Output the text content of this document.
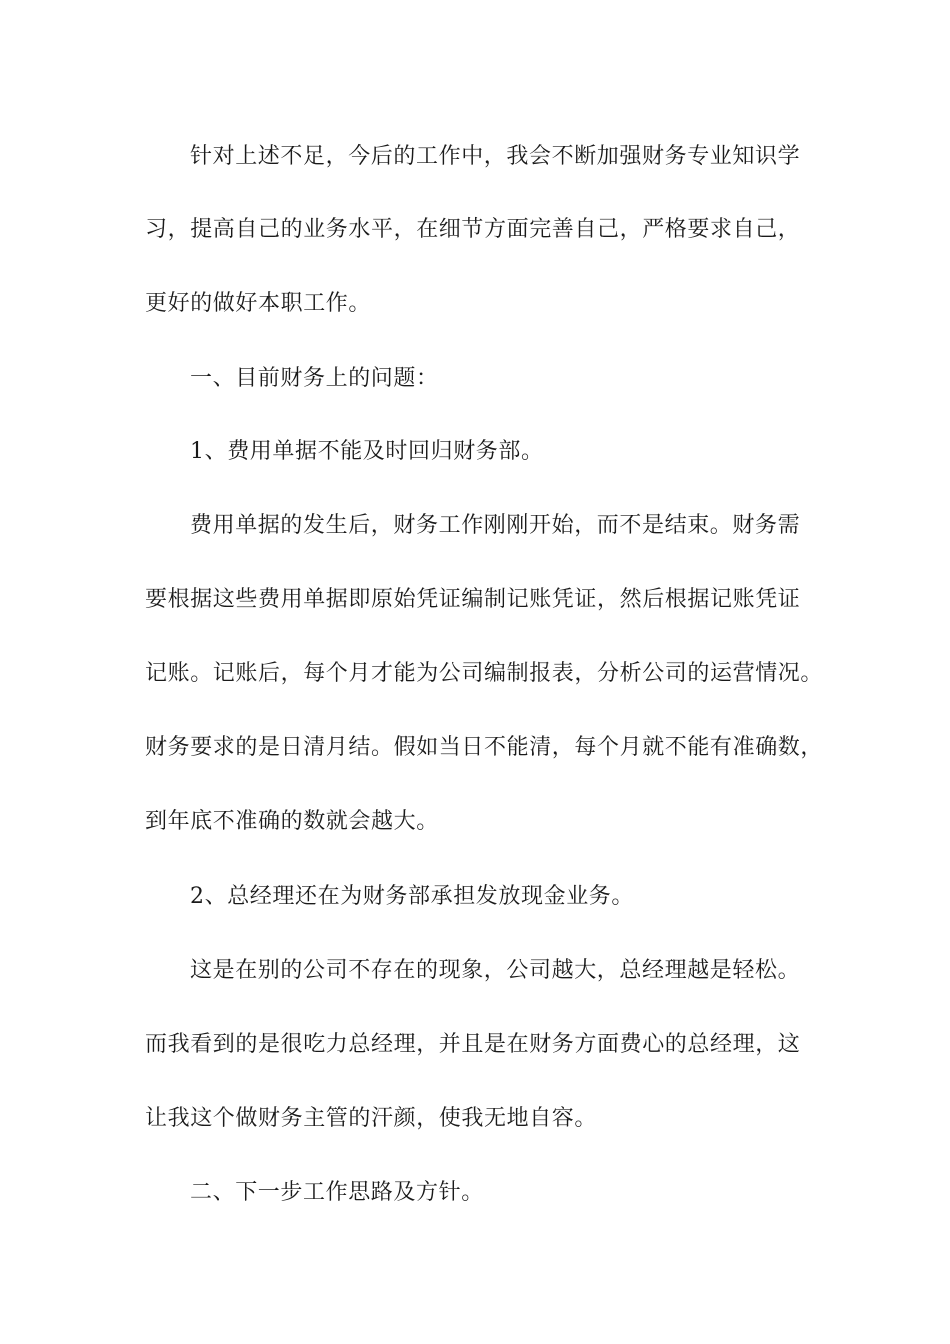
针对上述不足，今后的工作中，我会不断加强财务专业知识学
习，提高自己的业务水平，在细节方面完善自己，严格要求自己，
更好的做好本职工作。
一、目前财务上的问题：
1、费用单据不能及时回归财务部。
费用单据的发生后，财务工作刚刚开始，而不是结束。财务需
要根据这些费用单据即原始凭证编制记账凭证，然后根据记账凭证
记账。记账后，每个月才能为公司编制报表，分析公司的运营情况。
财务要求的是日清月结。假如当日不能清，每个月就不能有准确数，
到年底不准确的数就会越大。
2、总经理还在为财务部承担发放现金业务。
这是在别的公司不存在的现象，公司越大，总经理越是轻松。
而我看到的是很吃力总经理，并且是在财务方面费心的总经理，这
让我这个做财务主管的汗颜，使我无地自容。
二、下一步工作思路及方针。
